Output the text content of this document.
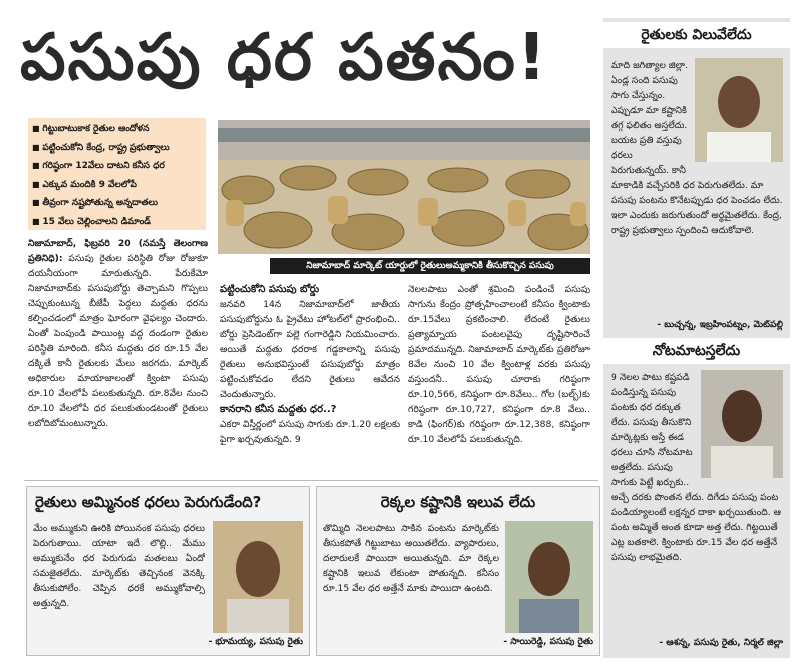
పసుపు ధర పతనం!
■ గిట్టుబాటుకాక రైతుల ఆందోళన
■ పట్టించుకోని కేంద్ర, రాష్ట్ర ప్రభుత్వాలు
■ గరిష్ఠంగా 12వేలు దాటని కనీస ధర
■ ఎక్కువ మందికి 9 వేలలోపే
■ తీవ్రంగా నష్టపోతున్న అన్నదాతలు
■ 15 వేలు చెల్లించాలని డిమాండ్
నిజామాబాద్ మార్కెట్ యార్డులో రైతులుఅమ్మకానికి తీసుకొచ్చిన పసుపు

నిజామాబాద్, ఫిబ్రవరి 20 (నమస్తే తెలంగాణ ప్రతినిధి): పసుపు రైతుల పరిస్థితి రోజు రోజుకూ దయనీయంగా మారుతున్నది. పేరుకేమో నిజామాబాద్‌కు పసుపుబోర్డు తెచ్చామని గొప్పలు చెప్పుకుంటున్న బీజేపీ పెద్దలు మద్దతు ధరను కల్పించడంలో మాత్రం ఘోరంగా వైఫల్యం చెందారు. ఏంతో పెంపుండి పాయింట్ల వద్ద దండంగా రైతుల పరిస్థితి మారింది. కనీస మద్దతు ధర రూ.15 వేల దక్కితే కానీ రైతులకు మేలు జరగదు. మార్కెట్ అధికారుల మాయాజాలంతో క్వింటా పసుపు రూ.10 వేలలోపే పలుకుతున్నది. రూ.8వేల నుంచి రూ.10 వేలలోపే ధర పలుకుతుండటంతో రైతులు లబోదిబోమంటున్నారు.

పట్టించుకోని పసుపు బోర్డు

జనవరి 14న నిజామాబాద్‌లో జాతీయ పసుపుబోర్డును ఓ ప్రైవేటు హోటల్‌లో ప్రారంభించి.. బోర్డు ప్రెసిడెంట్‌గా పల్లె గంగారెడ్డిని నియమించారు. అయితే మద్దతు ధరరాక గడ్డకాలాన్ని పసుపు రైతులు అనుభవిస్తుంటే పసుపుబోర్డు మాత్రం పట్టించుకోవడం లేదని రైతులు ఆవేదన చెందుతున్నారు.

కానరాని కనీస మద్దతు ధర..?

ఎకరా విస్తీర్ణంలో పసుపు సాగుకు రూ.1.20 లక్షలకు పైగా ఖర్చవుతున్నది. 9

నెలలపాటు ఎంతో శ్రమించి పండించే పసుపు సాగును కేంద్రం ప్రోత్సహించాలంటే కనీసం క్వింటాకు రూ.15వేలు ప్రకటించాలి. లేదంటే రైతులు ప్రత్యామ్నాయ పంటలవైపు దృష్టిసారించే ప్రమాదమున్నది. నిజామాబాద్ మార్కెట్‌కు ప్రతిరోజూ 8వేల నుంచి 10 వేల క్వింటాళ్ల వరకు పసుపు వస్తుందనీ.. పసుపు చూరాకు గరిష్ఠంగా రూ.10,566, కనిష్ఠంగా రూ.8వేలు.. గోల (బల్బ్)కు గరిష్ఠంగా రూ.10,727, కనిష్ఠంగా రూ.8 వేలు.. కాడి (ఫింగర్)కు గరిష్ఠంగా రూ.12,388, కనిష్ఠంగా రూ.10 వేలలోపే పలుకుతున్నది.

రైతులు అమ్మినంక ధరలు పెరుగుడేంది?
మేం అమ్ముకుని ఊరికి పోయినంక పసుపు ధరలు పెరుగుతాయి. యాటా ఇదే లొల్లి.. మేము అమ్ముకునేం ధర పెరుగుడు మతలబు ఏందో సమజైతలేదు. మార్కెట్‌కు తెచ్చినంక వెనక్కి తీసుకుపోలేం. చెప్పిన ధరకే అమ్ముకోవాల్సి అత్తున్నది.
- భూమయ్య, పసుపు రైతు
రెక్కల కష్టానికి ఇలువ లేదు
తొమ్మిది నెలలపాటు సాకిన పంటను మార్కెట్‌కు తీసుకపోతే గిట్టుబాటు అయితలేదు. వ్యాపారులు, దలారులకే పాయిదా అయితున్నది. మా రెక్కల కష్టానికి ఇలువ లేకుంటా పోతున్నది. కనీసం రూ.15 వేల ధర అత్తేనే మాకు పాయిదా ఉంటది.
- సాయిరెడ్డి, పసుపు రైతు
రైతులకు విలువేలేదు
మాది జగిత్యాల జిల్లా. ఏండ్ల సంది పసుపు సాగు చేస్తున్నం. ఎప్పుడూ మా కష్టానికి తగ్గ ఫలితం అస్తలేదు. బయట ప్రతి వస్తువు ధరలు పెరుగుతున్నయ్. కానీ మాకాడికి వచ్చేసరికి ధర పెరుగుతలేదు. మా పసుపు పంటను కొనేటప్పుడు ధర పెంచడం లేదు. ఇలా ఎందుకు జరుగుతుందో అర్థమైతలేదు. కేంద్ర, రాష్ట్ర ప్రభుత్వాలు స్పందించి ఆదుకోవాలె.
- బుచ్చన్న, ఇబ్రహీంపట్నం, మెట్‌పల్లి
నోటమాటస్తలేదు
9 నెలల పాటు కష్టపడి పండిస్తున్న పసుపు పంటకు ధర దక్కుత లేదు. పసుపు తీసుకొని మార్కెట్లకు అస్తే ఈడ ధరలు చూసి నోటమాట అత్తలేదు. పసుపు సాగుకు పెట్టే ఖర్చుకు.. అచ్చే దరకు పొంతన లేదు. దిగేడు పసుపు పంట పండియ్యాలంటే లక్షన్నర దాకా ఖర్చయితుంది. ఆ పంట అమ్మితే అంత కూడా అత్త లేదు. గిట్టయితే ఎట్ల బతకాలె. క్వింటాకు రూ.15 వేల ధర అత్తేనే పసుపు లాభమైతది.
- ఆశన్న, పసుపు రైతు, నిర్మల్ జిల్లా
